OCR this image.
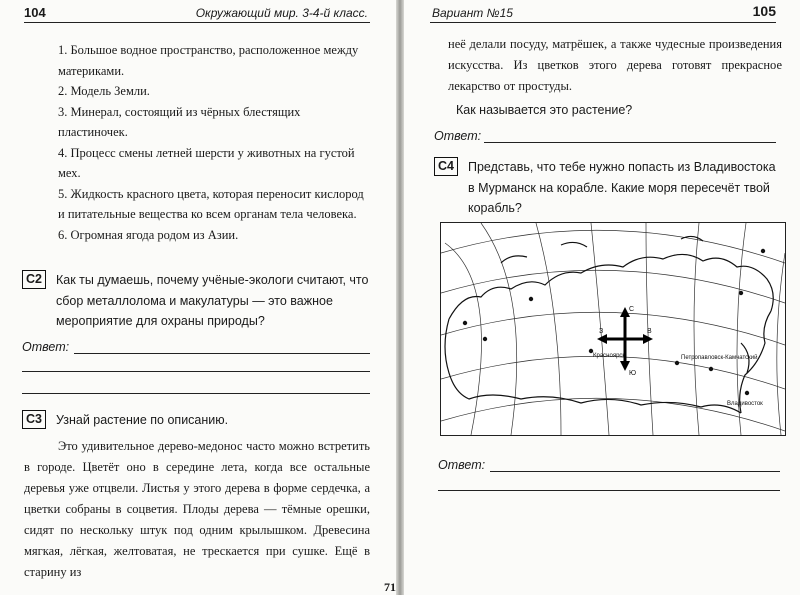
104	Окружающий мир. 3-4-й класс.
1. Большое водное пространство, расположенное между материками.
2. Модель Земли.
3. Минерал, состоящий из чёрных блестящих пластиночек.
4. Процесс смены летней шерсти у животных на густой мех.
5. Жидкость красного цвета, которая переносит кислород и питательные вещества ко всем органам тела человека.
6. Огромная ягода родом из Азии.
С2	Как ты думаешь, почему учёные-экологи считают, что сбор металлолома и макулатуры — это важное мероприятие для охраны природы?
Ответ:
С3	Узнай растение по описанию.
Это удивительное дерево-медонос часто можно встретить в городе. Цветёт оно в середине лета, когда все остальные деревья уже отцвели. Листья у этого дерева в форме сердечка, а цветки собраны в соцветия. Плоды дерева — тёмные орешки, сидят по нескольку штук под одним крылышком. Древесина мягкая, лёгкая, желтоватая, не трескается при сушке. Ещё в старину из
71
Вариант №15	105
неё делали посуду, матрёшек, а также чудесные произведения искусства. Из цветков этого дерева готовят прекрасное лекарство от простуды.
Как называется это растение?
Ответ:
С4	Представь, что тебе нужно попасть из Владивостока в Мурманск на корабле. Какие моря пересечёт твой корабль?
Красноярск	Петропавловск-Камчатский
Владивосток
С
Ю
З	В
Ответ:
